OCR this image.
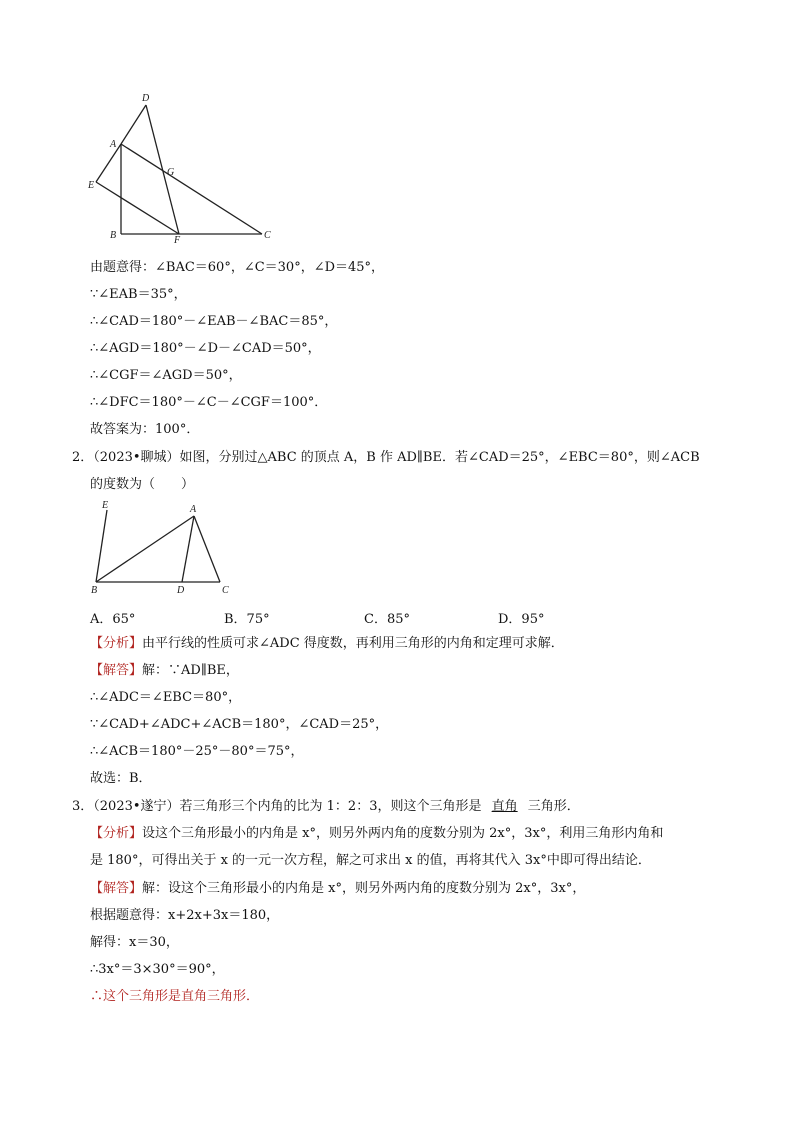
D
A
G
E
B	F	C
由题意得：∠BAC＝60°，∠C＝30°，∠D＝45°，
∵∠EAB＝35°，
∴∠CAD＝180°－∠EAB－∠BAC＝85°，
∴∠AGD＝180°－∠D－∠CAD＝50°，
∴∠CGF＝∠AGD＝50°，
∴∠DFC＝180°－∠C－∠CGF＝100°．
故答案为：100°．
2．（2023•聊城）如图，分别过△ABC 的顶点 A，B 作 AD∥BE．若∠CAD＝25°，∠EBC＝80°，则∠ACB
的度数为（　　）
E	A
B	D	C
A．65°	B．75°	C．85°	D．95°
【分析】由平行线的性质可求∠ADC 得度数，再利用三角形的内角和定理可求解．
【解答】解：∵AD∥BE，
∴∠ADC＝∠EBC＝80°，
∵∠CAD+∠ADC+∠ACB＝180°，∠CAD＝25°，
∴∠ACB＝180°－25°－80°＝75°，
故选：B．
3．（2023•遂宁）若三角形三个内角的比为 1：2：3，则这个三角形是 直角 三角形．
【分析】设这个三角形最小的内角是 x°，则另外两内角的度数分别为 2x°，3x°，利用三角形内角和
是 180°，可得出关于 x 的一元一次方程，解之可求出 x 的值，再将其代入 3x°中即可得出结论．
【解答】解：设这个三角形最小的内角是 x°，则另外两内角的度数分别为 2x°，3x°，
根据题意得：x+2x+3x＝180，
解得：x＝30，
∴3x°＝3×30°＝90°，
∴这个三角形是直角三角形．
